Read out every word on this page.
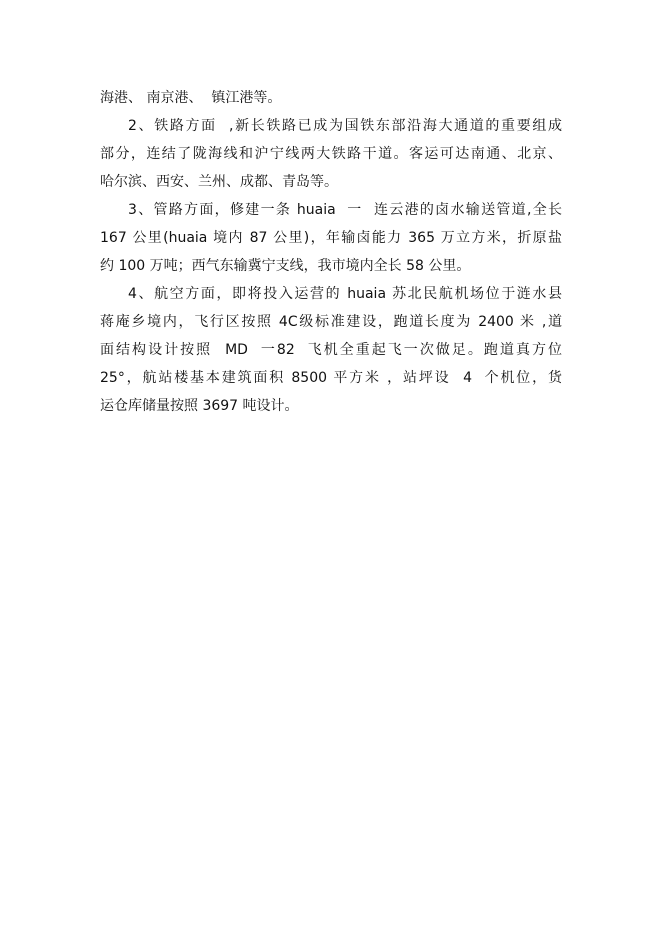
海港、 南京港、  镇江港等。
2、铁路方面  ,新长铁路已成为国铁东部沿海大通道的重要组成
部分，连结了陇海线和沪宁线两大铁路干道。客运可达南通、北京、
哈尔滨、西安、兰州、成都、青岛等。
3、管路方面，修建一条 huaia  一  连云港的卤水输送管道,全长
167 公里(huaia 境内 87 公里)，年输卤能力 365 万立方米，折原盐
约 100 万吨；西气东输冀宁支线，我市境内全长 58 公里。
4、航空方面，即将投入运营的 huaia 苏北民航机场位于涟水县
蒋庵乡境内，飞行区按照 4C级标准建设，跑道长度为 2400 米 ,道
面结构设计按照  MD  一82  飞机全重起飞一次做足。跑道真方位
25°，航站楼基本建筑面积 8500 平方米 ，站坪设  4  个机位，货
运仓库储量按照 3697 吨设计。
